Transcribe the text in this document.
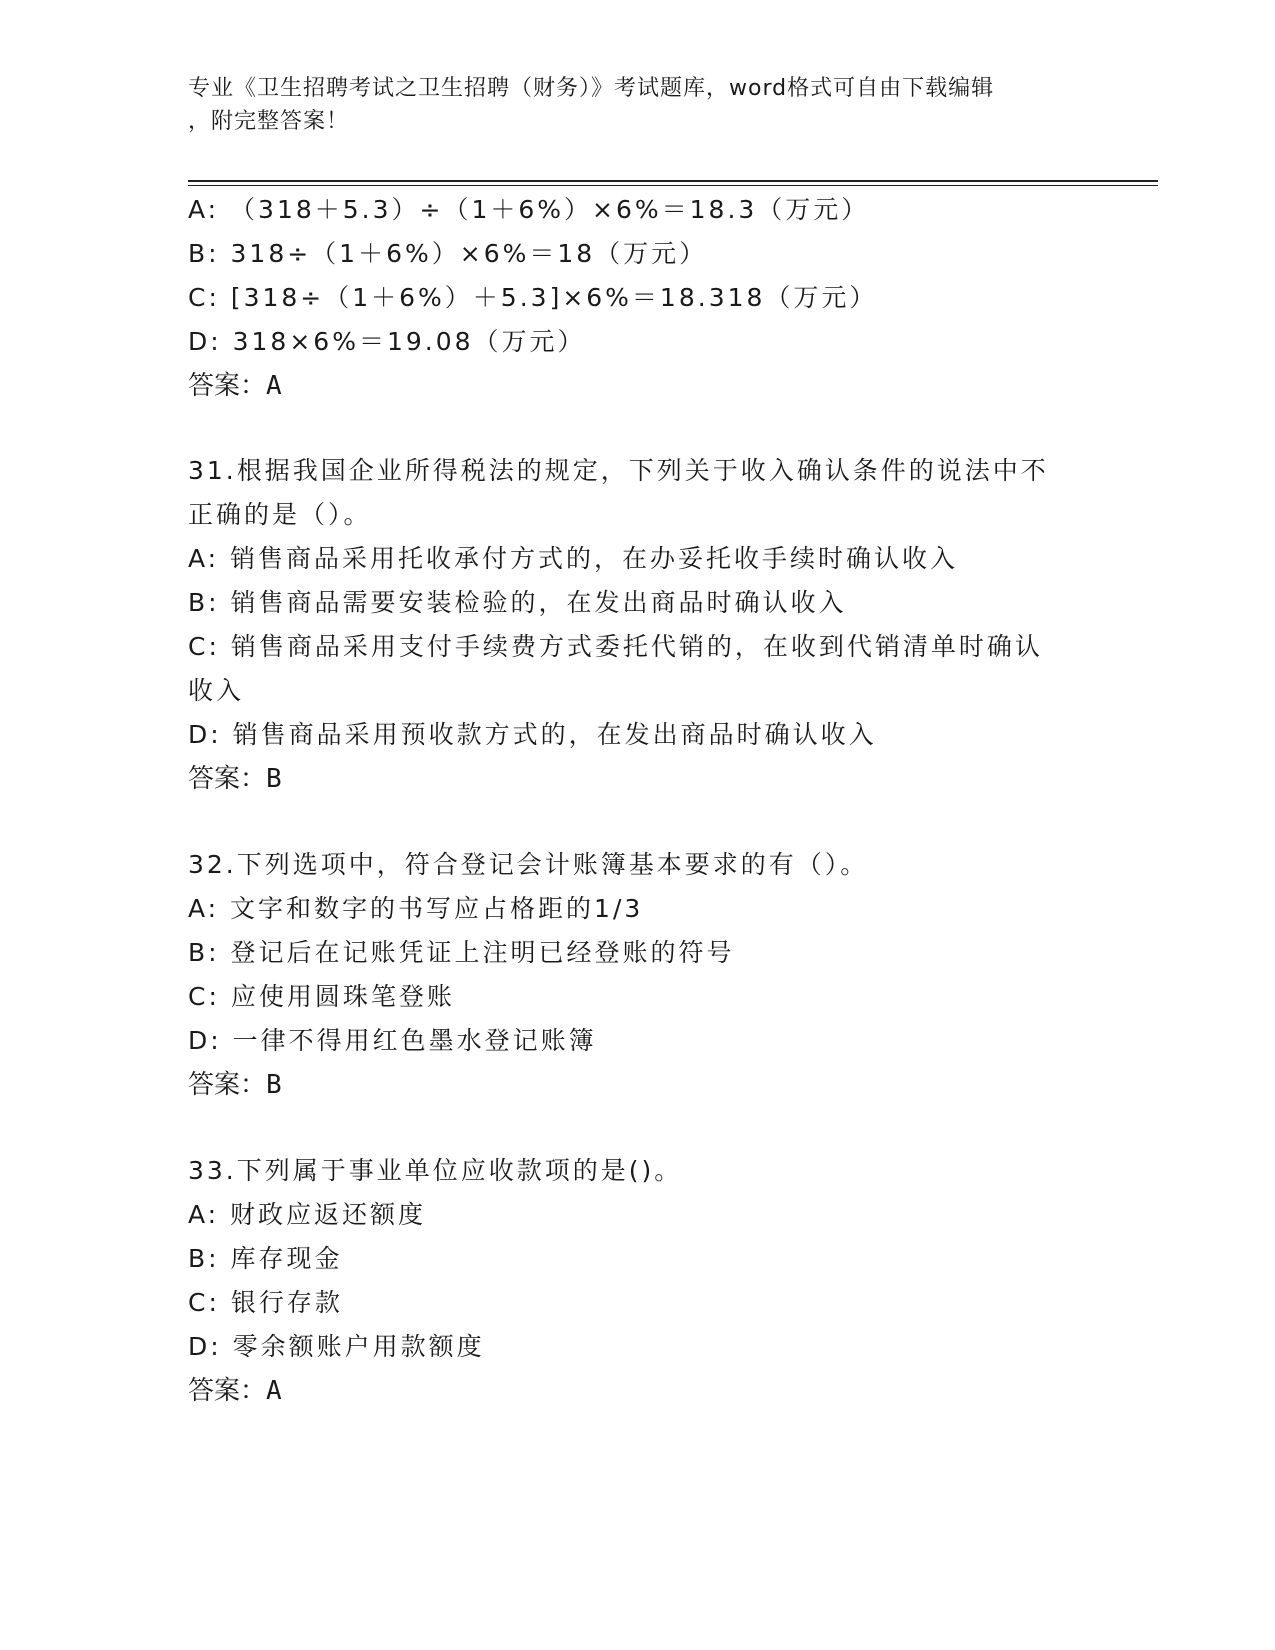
专业《卫生招聘考试之卫生招聘（财务）》考试题库，word格式可自由下载编辑
，附完整答案！
A: （318＋5.3）÷（1＋6%）×6%＝18.3（万元）
B: 318÷（1＋6%）×6%＝18（万元）
C: [318÷（1＋6%）＋5.3]×6%＝18.318（万元）
D: 318×6%＝19.08（万元）
答案：A
31.根据我国企业所得税法的规定，下列关于收入确认条件的说法中不
正确的是（）。
A: 销售商品采用托收承付方式的，在办妥托收手续时确认收入
B: 销售商品需要安装检验的，在发出商品时确认收入
C: 销售商品采用支付手续费方式委托代销的，在收到代销清单时确认
收入
D: 销售商品采用预收款方式的，在发出商品时确认收入
答案：B
32.下列选项中，符合登记会计账簿基本要求的有（）。
A: 文字和数字的书写应占格距的1/3
B: 登记后在记账凭证上注明已经登账的符号
C: 应使用圆珠笔登账
D: 一律不得用红色墨水登记账簿
答案：B
33.下列属于事业单位应收款项的是()。
A: 财政应返还额度
B: 库存现金
C: 银行存款
D: 零余额账户用款额度
答案：A
